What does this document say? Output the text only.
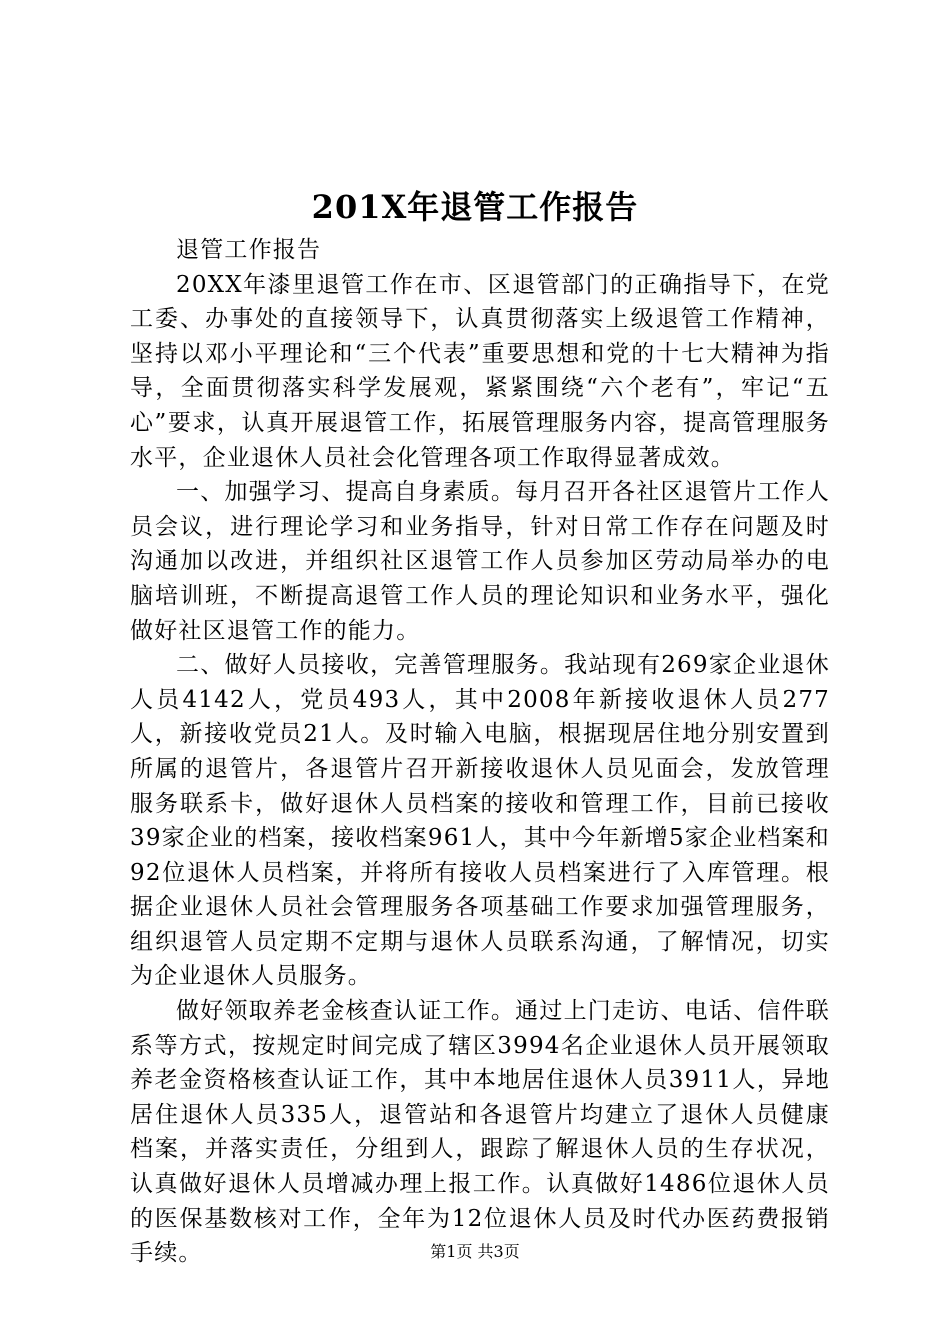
201X年退管工作报告

退管工作报告

20XX年漆里退管工作在市、区退管部门的正确指导下，在党工委、办事处的直接领导下，认真贯彻落实上级退管工作精神，坚持以邓小平理论和“三个代表”重要思想和党的十七大精神为指导，全面贯彻落实科学发展观，紧紧围绕“六个老有”，牢记“五心”要求，认真开展退管工作，拓展管理服务内容，提高管理服务水平，企业退休人员社会化管理各项工作取得显著成效。

一、加强学习、提高自身素质。每月召开各社区退管片工作人员会议，进行理论学习和业务指导，针对日常工作存在问题及时沟通加以改进，并组织社区退管工作人员参加区劳动局举办的电脑培训班，不断提高退管工作人员的理论知识和业务水平，强化做好社区退管工作的能力。

二、做好人员接收，完善管理服务。我站现有269家企业退休人员4142人，党员493人，其中2008年新接收退休人员277人，新接收党员21人。及时输入电脑，根据现居住地分别安置到所属的退管片，各退管片召开新接收退休人员见面会，发放管理服务联系卡，做好退休人员档案的接收和管理工作，目前已接收39家企业的档案，接收档案961人，其中今年新增5家企业档案和92位退休人员档案，并将所有接收人员档案进行了入库管理。根据企业退休人员社会管理服务各项基础工作要求加强管理服务，组织退管人员定期不定期与退休人员联系沟通，了解情况，切实为企业退休人员服务。

做好领取养老金核查认证工作。通过上门走访、电话、信件联系等方式，按规定时间完成了辖区3994名企业退休人员开展领取养老金资格核查认证工作，其中本地居住退休人员3911人，异地居住退休人员335人，退管站和各退管片均建立了退休人员健康档案，并落实责任，分组到人，跟踪了解退休人员的生存状况，认真做好退休人员增减办理上报工作。认真做好1486位退休人员的医保基数核对工作，全年为12位退休人员及时代办医药费报销手续。	第1页 共3页
